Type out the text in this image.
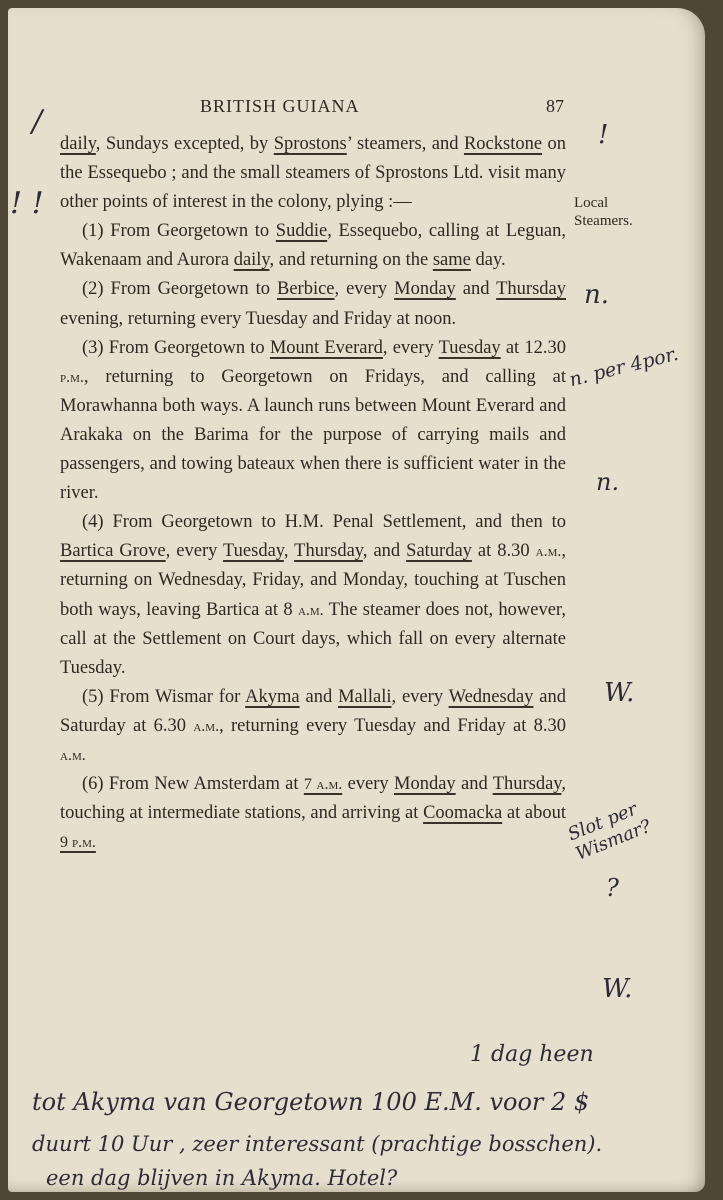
BRITISH GUIANA	87

daily, Sundays excepted, by Sprostons’ steamers, and Rockstone on the Essequebo ; and the small steamers of Sprostons Ltd. visit many other points of interest in the colony, plying :—

(1) From Georgetown to Suddie, Essequebo, calling at Leguan, Wakenaam and Aurora daily, and returning on the same day.

(2) From Georgetown to Berbice, every Monday and Thursday evening, returning every Tuesday and Friday at noon.

(3) From Georgetown to Mount Everard, every Tuesday at 12.30 p.m., returning to Georgetown on Fridays, and calling at Morawhanna both ways. A launch runs between Mount Everard and Arakaka on the Barima for the purpose of carrying mails and passengers, and towing bateaux when there is sufficient water in the river.

(4) From Georgetown to H.M. Penal Settlement, and then to Bartica Grove, every Tuesday, Thursday, and Saturday at 8.30 a.m., returning on Wednesday, Friday, and Monday, touching at Tuschen both ways, leaving Bartica at 8 a.m. The steamer does not, however, call at the Settlement on Court days, which fall on every alternate Tuesday.

(5) From Wismar for Akyma and Mallali, every Wednesday and Saturday at 6.30 a.m., returning every Tuesday and Friday at 8.30 a.m.

(6) From New Amsterdam at 7 a.m. every Monday and Thursday, touching at intermediate stations, and arriving at Coomacka at about 9 p.m.

Local
Steamers.
/
! !
!
n.
n. per 4por.
n.
W.
Slot per Wismar?
?
W.
1 dag heen
tot Akyma van Georgetown 100 E.M. voor 2 $
duurt 10 Uur , zeer interessant (prachtige bosschen).
een dag blijven in Akyma. Hotel?
